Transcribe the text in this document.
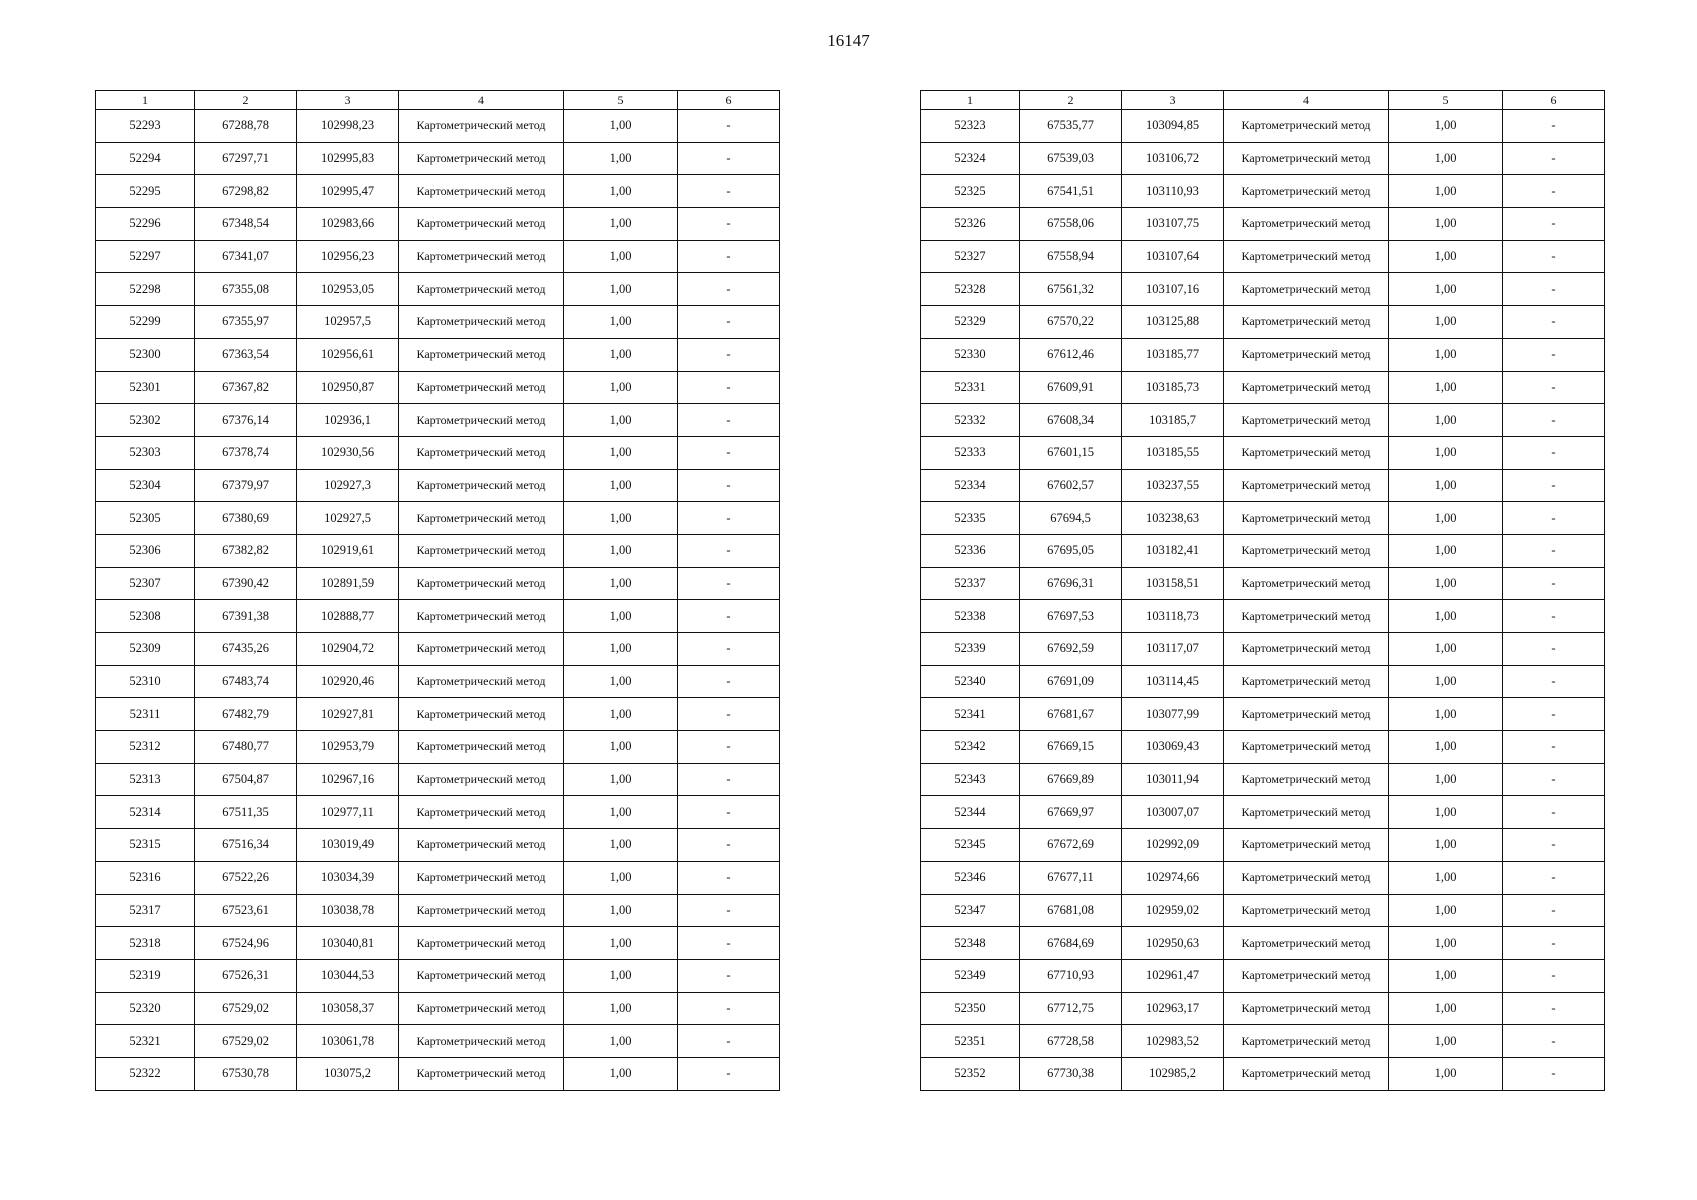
16147
1	2	3	4	5	6
52293	67288,78	102998,23	Картометрический метод	1,00	-
52294	67297,71	102995,83	Картометрический метод	1,00	-
52295	67298,82	102995,47	Картометрический метод	1,00	-
52296	67348,54	102983,66	Картометрический метод	1,00	-
52297	67341,07	102956,23	Картометрический метод	1,00	-
52298	67355,08	102953,05	Картометрический метод	1,00	-
52299	67355,97	102957,5	Картометрический метод	1,00	-
52300	67363,54	102956,61	Картометрический метод	1,00	-
52301	67367,82	102950,87	Картометрический метод	1,00	-
52302	67376,14	102936,1	Картометрический метод	1,00	-
52303	67378,74	102930,56	Картометрический метод	1,00	-
52304	67379,97	102927,3	Картометрический метод	1,00	-
52305	67380,69	102927,5	Картометрический метод	1,00	-
52306	67382,82	102919,61	Картометрический метод	1,00	-
52307	67390,42	102891,59	Картометрический метод	1,00	-
52308	67391,38	102888,77	Картометрический метод	1,00	-
52309	67435,26	102904,72	Картометрический метод	1,00	-
52310	67483,74	102920,46	Картометрический метод	1,00	-
52311	67482,79	102927,81	Картометрический метод	1,00	-
52312	67480,77	102953,79	Картометрический метод	1,00	-
52313	67504,87	102967,16	Картометрический метод	1,00	-
52314	67511,35	102977,11	Картометрический метод	1,00	-
52315	67516,34	103019,49	Картометрический метод	1,00	-
52316	67522,26	103034,39	Картометрический метод	1,00	-
52317	67523,61	103038,78	Картометрический метод	1,00	-
52318	67524,96	103040,81	Картометрический метод	1,00	-
52319	67526,31	103044,53	Картометрический метод	1,00	-
52320	67529,02	103058,37	Картометрический метод	1,00	-
52321	67529,02	103061,78	Картометрический метод	1,00	-
52322	67530,78	103075,2	Картометрический метод	1,00	-
1	2	3	4	5	6
52323	67535,77	103094,85	Картометрический метод	1,00	-
52324	67539,03	103106,72	Картометрический метод	1,00	-
52325	67541,51	103110,93	Картометрический метод	1,00	-
52326	67558,06	103107,75	Картометрический метод	1,00	-
52327	67558,94	103107,64	Картометрический метод	1,00	-
52328	67561,32	103107,16	Картометрический метод	1,00	-
52329	67570,22	103125,88	Картометрический метод	1,00	-
52330	67612,46	103185,77	Картометрический метод	1,00	-
52331	67609,91	103185,73	Картометрический метод	1,00	-
52332	67608,34	103185,7	Картометрический метод	1,00	-
52333	67601,15	103185,55	Картометрический метод	1,00	-
52334	67602,57	103237,55	Картометрический метод	1,00	-
52335	67694,5	103238,63	Картометрический метод	1,00	-
52336	67695,05	103182,41	Картометрический метод	1,00	-
52337	67696,31	103158,51	Картометрический метод	1,00	-
52338	67697,53	103118,73	Картометрический метод	1,00	-
52339	67692,59	103117,07	Картометрический метод	1,00	-
52340	67691,09	103114,45	Картометрический метод	1,00	-
52341	67681,67	103077,99	Картометрический метод	1,00	-
52342	67669,15	103069,43	Картометрический метод	1,00	-
52343	67669,89	103011,94	Картометрический метод	1,00	-
52344	67669,97	103007,07	Картометрический метод	1,00	-
52345	67672,69	102992,09	Картометрический метод	1,00	-
52346	67677,11	102974,66	Картометрический метод	1,00	-
52347	67681,08	102959,02	Картометрический метод	1,00	-
52348	67684,69	102950,63	Картометрический метод	1,00	-
52349	67710,93	102961,47	Картометрический метод	1,00	-
52350	67712,75	102963,17	Картометрический метод	1,00	-
52351	67728,58	102983,52	Картометрический метод	1,00	-
52352	67730,38	102985,2	Картометрический метод	1,00	-
